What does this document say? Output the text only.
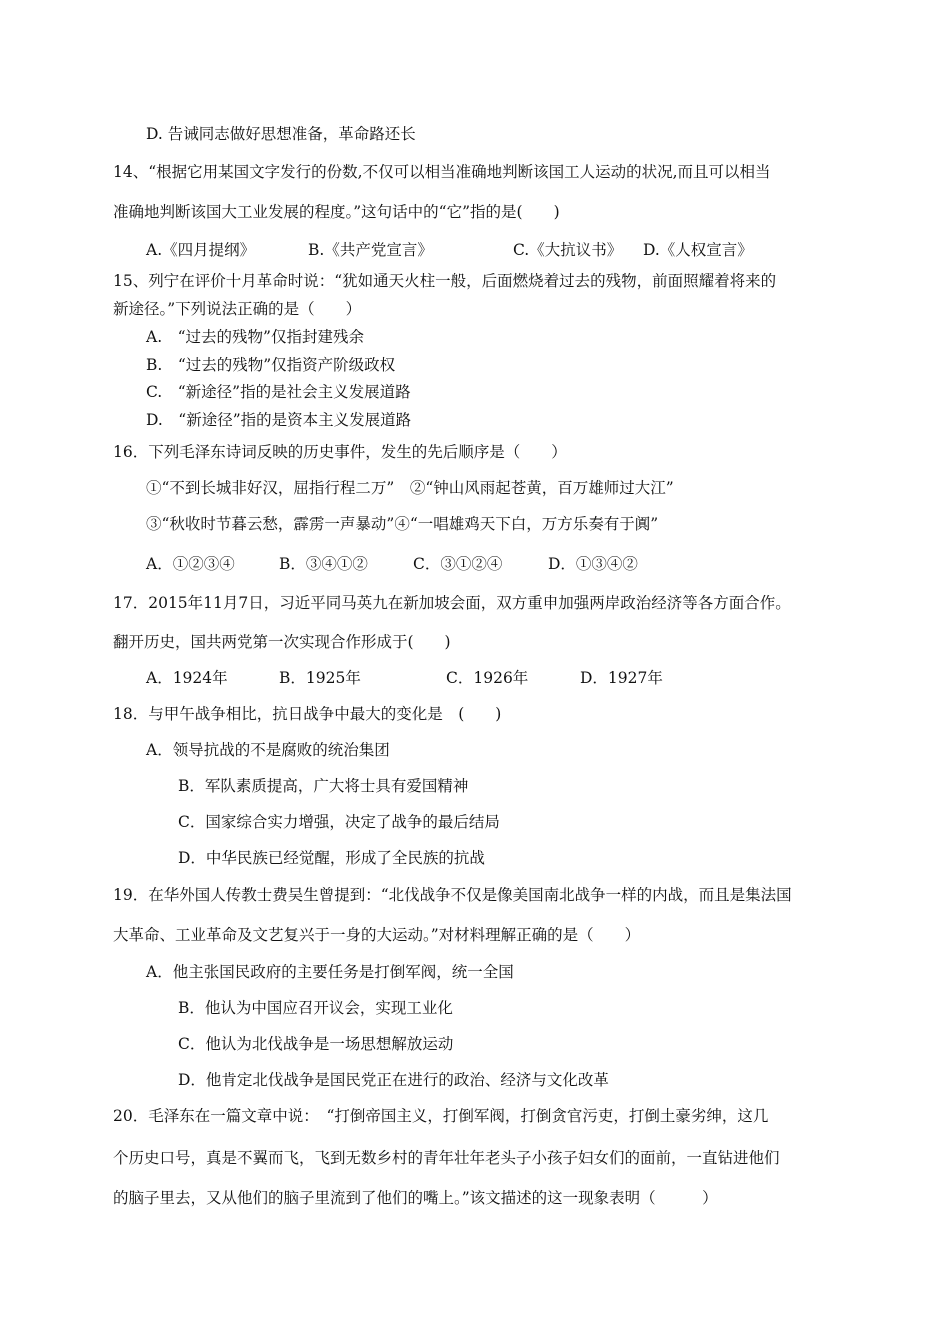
D. 告诫同志做好思想准备，革命路还长
14、“根据它用某国文字发行的份数,不仅可以相当准确地判断该国工人运动的状况,而且可以相当
准确地判断该国大工业发展的程度。”这句话中的“它”指的是(　　)
A.《四月提纲》	B.《共产党宣言》	C.《大抗议书》 D.《人权宣言》
15、列宁在评价十月革命时说：“犹如通天火柱一般，后面燃烧着过去的残物，前面照耀着将来的
新途径。”下列说法正确的是（　　）
A.　“过去的残物”仅指封建残余
B.　“过去的残物”仅指资产阶级政权
C.　“新途径”指的是社会主义发展道路
D.　“新途径”指的是资本主义发展道路
16．下列毛泽东诗词反映的历史事件，发生的先后顺序是（　　）
①“不到长城非好汉，屈指行程二万”　②“钟山风雨起苍黄，百万雄师过大江”
③“秋收时节暮云愁，霹雳一声暴动”④“一唱雄鸡天下白，万方乐奏有于阗”
A．①②③④	B．③④①②	C．③①②④	D．①③④②
17．2015年11月7日，习近平同马英九在新加坡会面，双方重申加强两岸政治经济等各方面合作。
翻开历史，国共两党第一次实现合作形成于(　　)
A．1924年	B．1925年	C．1926年	D．1927年
18．与甲午战争相比，抗日战争中最大的变化是　(　　)
A．领导抗战的不是腐败的统治集团
B．军队素质提高，广大将士具有爱国精神
C．国家综合实力增强，决定了战争的最后结局
D．中华民族已经觉醒，形成了全民族的抗战
19．在华外国人传教士费吴生曾提到：“北伐战争不仅是像美国南北战争一样的内战，而且是集法国
大革命、工业革命及文艺复兴于一身的大运动。”对材料理解正确的是（　　）
A．他主张国民政府的主要任务是打倒军阀，统一全国
B．他认为中国应召开议会，实现工业化
C．他认为北伐战争是一场思想解放运动
D．他肯定北伐战争是国民党正在进行的政治、经济与文化改革
20．毛泽东在一篇文章中说：　“打倒帝国主义，打倒军阀，打倒贪官污吏，打倒土豪劣绅，这几
个历史口号，真是不翼而飞，飞到无数乡村的青年壮年老头子小孩子妇女们的面前，一直钻进他们
的脑子里去，又从他们的脑子里流到了他们的嘴上。”该文描述的这一现象表明（　　　）
